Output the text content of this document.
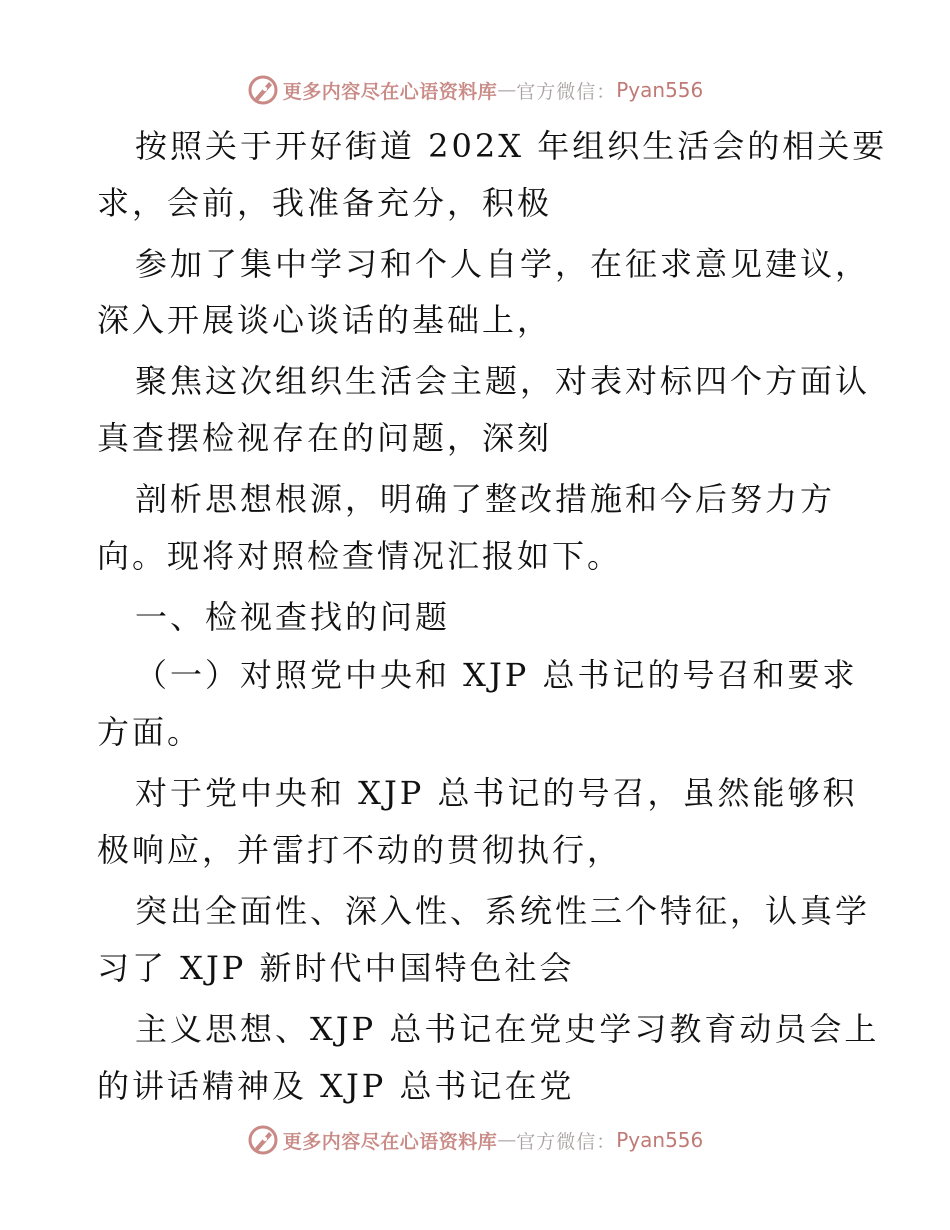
更多内容尽在心语资料库 — 官方微信： Pyan556
按照关于开好街道 202X 年组织生活会的相关要
求，会前，我准备充分，积极
参加了集中学习和个人自学，在征求意见建议，
深入开展谈心谈话的基础上，
聚焦这次组织生活会主题，对表对标四个方面认
真查摆检视存在的问题，深刻
剖析思想根源，明确了整改措施和今后努力方
向。现将对照检查情况汇报如下。
一、检视查找的问题
（一）对照党中央和 XJP 总书记的号召和要求
方面。
对于党中央和 XJP 总书记的号召，虽然能够积
极响应，并雷打不动的贯彻执行，
突出全面性、深入性、系统性三个特征，认真学
习了 XJP 新时代中国特色社会
主义思想、XJP 总书记在党史学习教育动员会上
的讲话精神及 XJP 总书记在党
更多内容尽在心语资料库 — 官方微信： Pyan556
